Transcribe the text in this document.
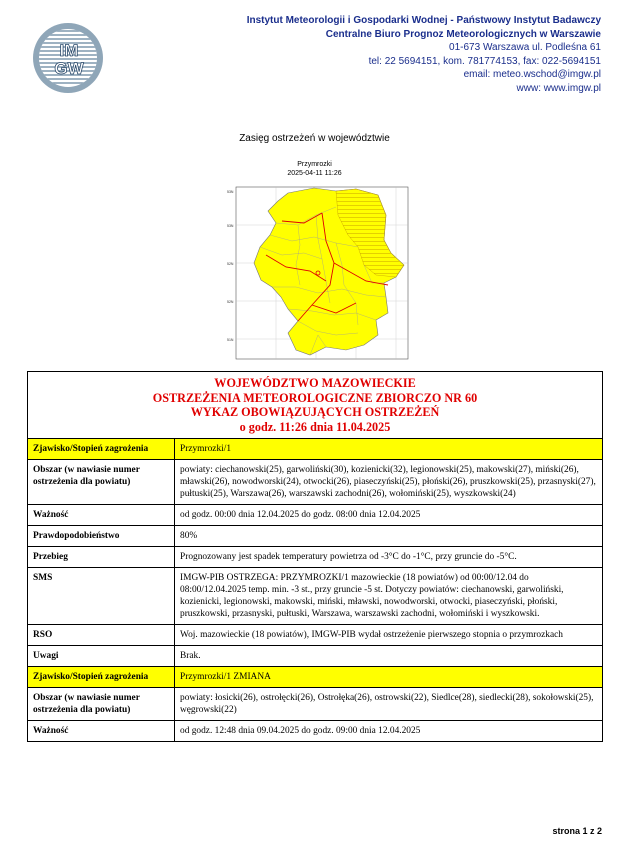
IM
GW
Instytut Meteorologii i Gospodarki Wodnej - Państwowy Instytut Badawczy
Centralne Biuro Prognoz Meteorologicznych w Warszawie
01-673 Warszawa ul. Podleśna 61
tel: 22 5694151, kom. 781774153, fax: 022-5694151
email: meteo.wschod@imgw.pl
www: www.imgw.pl
Zasięg ostrzeżeń w województwie
Przymrozki
2025-04-11 11:26
53N
53N
52N
52N
51N
WOJEWÓDZTWO MAZOWIECKIE
OSTRZEŻENIA METEOROLOGICZNE ZBIORCZO NR 60
WYKAZ OBOWIĄZUJĄCYCH OSTRZEŻEŃ
o godz. 11:26 dnia 11.04.2025	

Zjawisko/Stopień zagrożenia	Przymrozki/1
Obszar (w nawiasie numer ostrzeżenia dla powiatu)	powiaty: ciechanowski(25), garwoliński(30), kozienicki(32), legionowski(25), makowski(27), miński(26), mławski(26), nowodworski(24), otwocki(26), piaseczyński(25), płoński(26), pruszkowski(25), przasnyski(27), pułtuski(25), Warszawa(26), warszawski zachodni(26), wołomiński(25), wyszkowski(24)
Ważność	od godz. 00:00 dnia 12.04.2025 do godz. 08:00 dnia 12.04.2025
Prawdopodobieństwo	80%
Przebieg	Prognozowany jest spadek temperatury powietrza od -3°C do -1°C, przy gruncie do -5°C.
SMS	IMGW-PIB OSTRZEGA: PRZYMROZKI/1 mazowieckie (18 powiatów) od 00:00/12.04 do 08:00/12.04.2025 temp. min. -3 st., przy gruncie -5 st. Dotyczy powiatów: ciechanowski, garwoliński, kozienicki, legionowski, makowski, miński, mławski, nowodworski, otwocki, piaseczyński, płoński, pruszkowski, przasnyski, pułtuski, Warszawa, warszawski zachodni, wołomiński i wyszkowski.
RSO	Woj. mazowieckie (18 powiatów), IMGW-PIB wydał ostrzeżenie pierwszego stopnia o przymrozkach
Uwagi	Brak.
Zjawisko/Stopień zagrożenia	Przymrozki/1 ZMIANA
Obszar (w nawiasie numer ostrzeżenia dla powiatu)	powiaty: łosicki(26), ostrołęcki(26), Ostrołęka(26), ostrowski(22), Siedlce(28), siedlecki(28), sokołowski(25), węgrowski(22)
Ważność	od godz. 12:48 dnia 09.04.2025 do godz. 09:00 dnia 12.04.2025
strona 1 z 2
